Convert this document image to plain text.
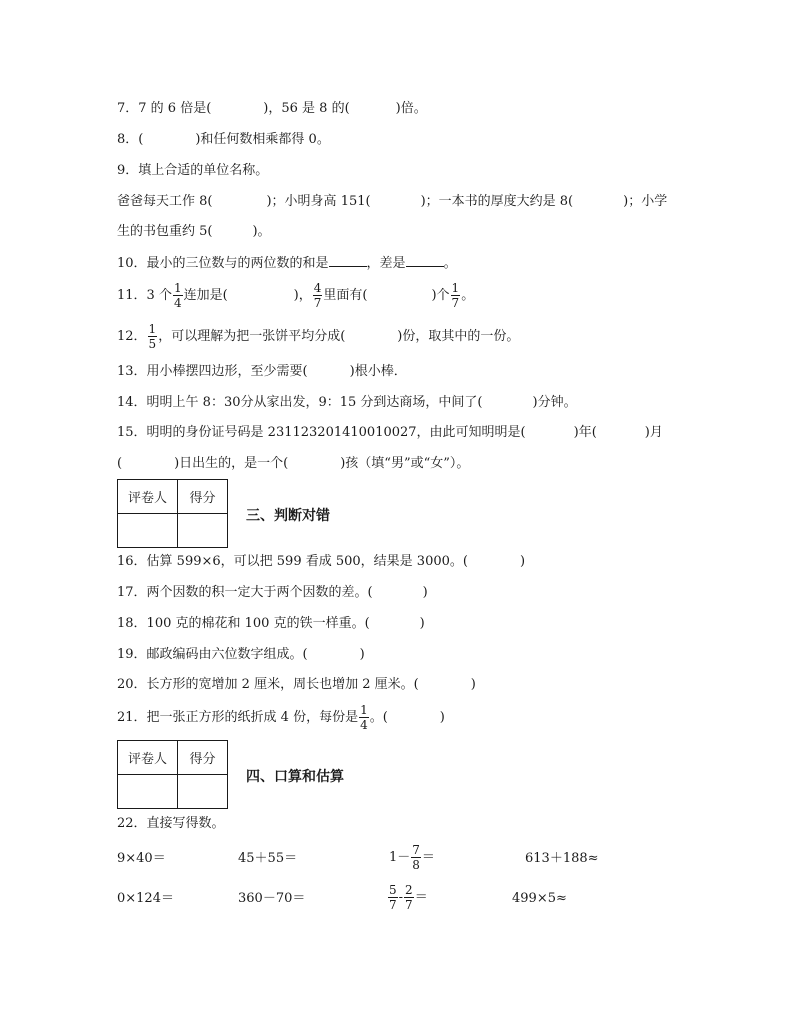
7．7 的 6 倍是(	)，56 是 8 的(	)倍。
8．(	)和任何数相乘都得 0。
9．填上合适的单位名称。
爸爸每天工作 8(	)；小明身高 151(	)；一本书的厚度大约是 8(	)；小学
生的书包重约 5(	)。
10．最小的三位数与的两位数的和是	，差是	。
11．3 个 $\frac{1}{4}$ 连加是(	)， $\frac{4}{7}$ 里面有(	)个 $\frac{1}{7}$ 。
12． $\frac{1}{5}$ ，可以理解为把一张饼平均分成(	)份，取其中的一份。
13．用小棒摆四边形，至少需要(	)根小棒．
14．明明上午 8：30分从家出发，9：15 分到达商场，中间了(	)分钟。
15．明明的身份证号码是 231123201410010027，由此可知明明是(	)年(	)月
(	)日出生的，是一个(	)孩（填“男”或“女”）。
评卷人	得分

三、判断对错
16．估算 599×6，可以把 599 看成 500，结果是 3000。(	)
17．两个因数的积一定大于两个因数的差。(	)
18．100 克的棉花和 100 克的铁一样重。(	)
19．邮政编码由六位数字组成。(	)
20．长方形的宽增加 2 厘米，周长也增加 2 厘米。(	)
21．把一张正方形的纸折成 4 份，每份是 $\frac{1}{4}$ 。(	)
评卷人	得分

四、口算和估算
22．直接写得数。
9×40＝	45＋55＝	$1- \frac{7}{8}$ ＝	613＋188≈
0×124＝	360－70＝	$\frac{5}{7} - \frac{2}{7}$ ＝	499×5≈
